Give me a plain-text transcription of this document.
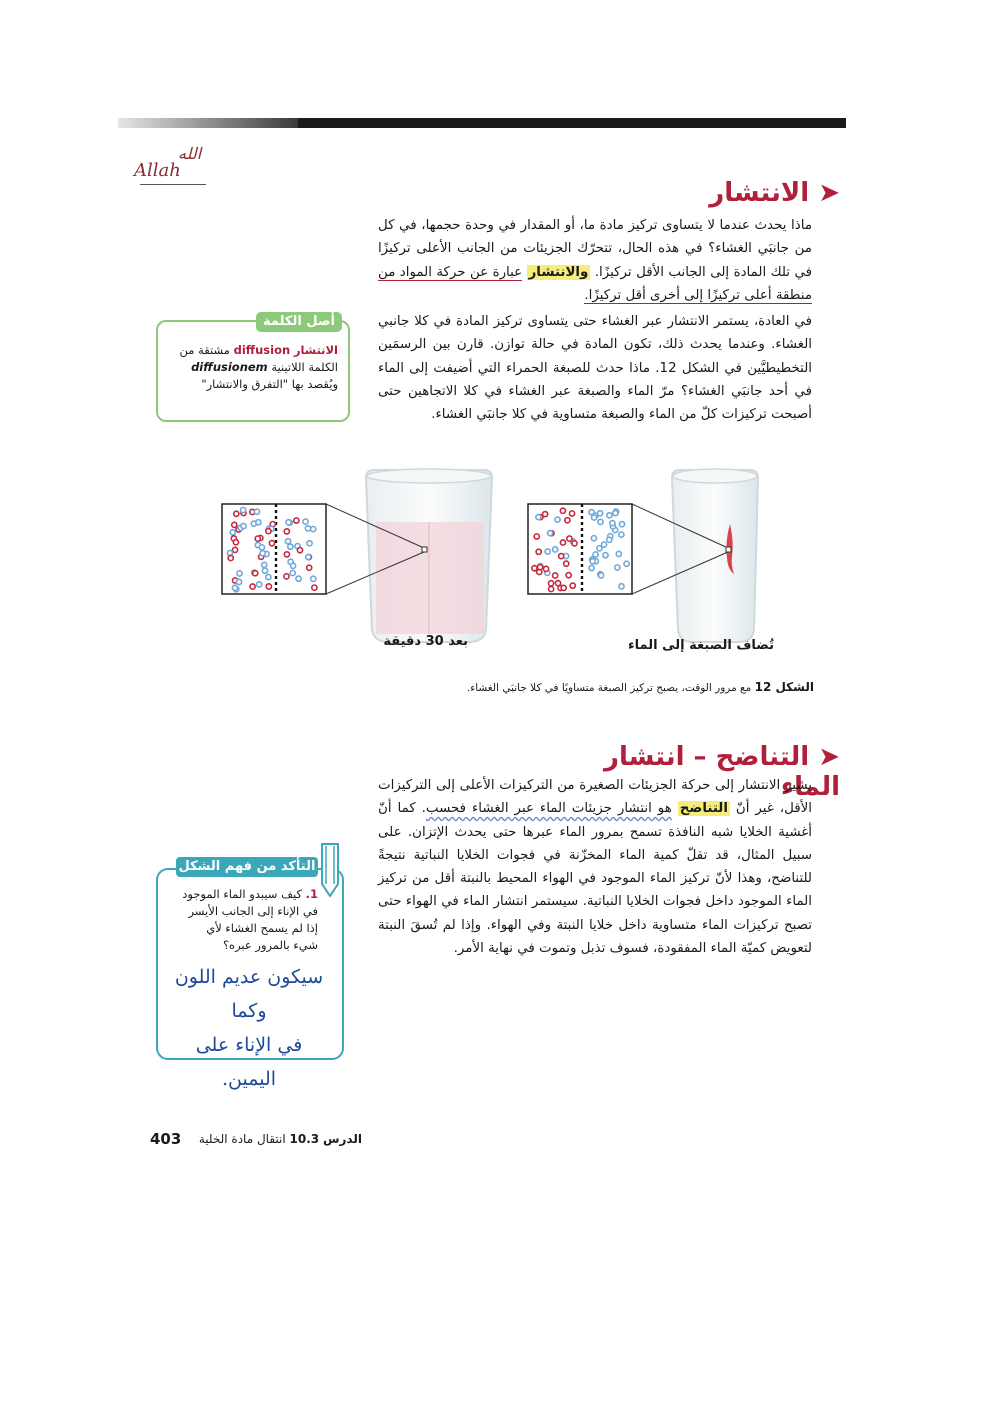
الله
Allah
➤ الانتشار
ماذا يحدث عندما لا يتساوى تركيز مادة ما، أو المقدار في وحدة حجمها، في كل من جانبَي الغشاء؟ في هذه الحال، تتحرّك الجزيئات من الجانب الأعلى تركيزًا في تلك المادة إلى الجانب الأقل تركيزًا. والانتشار عبارة عن حركة المواد من منطقة أعلى تركيزًا إلى أخرى أقل تركيزًا.
في العادة، يستمر الانتشار عبر الغشاء حتى يتساوى تركيز المادة في كلا جانبي الغشاء. وعندما يحدث ذلك، تكون المادة في حالة توازن. قارن بين الرسمَين التخطيطيَّين في الشكل 12. ماذا حدث للصبغة الحمراء التي أضيفت إلى الماء في أحد جانبَي الغشاء؟ مرّ الماء والصبغة عبر الغشاء في كلا الاتجاهين حتى أصبحت تركيزات كلّ من الماء والصبغة متساوية في كلا جانبَي الغشاء.
أصل الكلمة
الانتشار diffusion مشتقة من الكلمة اللاتينية diffusionem ويُقصد بها "التفرق والانتشار"
بعد 30 دقيقة	تُضاف الصبغة إلى الماء
الشكل 12 مع مرور الوقت، يصبح تركيز الصبغة متساويًا في كلا جانبَي الغشاء.
➤ التناضح – انتشار الماء
يشير الانتشار إلى حركة الجزيئات الصغيرة من التركيزات الأعلى إلى التركيزات الأقل، غير أنّ التناضح هو انتشار جزيئات الماء عبر الغشاء فحسب. كما أنّ أغشية الخلايا شبه النافذة تسمح بمرور الماء عبرها حتى يحدث الإتزان. على سبيل المثال، قد تقلّ كمية الماء المخزّنة في فجوات الخلايا النباتية نتيجةً للتناضح، وهذا لأنّ تركيز الماء الموجود في الهواء المحيط بالنبتة أقل من تركيز الماء الموجود داخل فجوات الخلايا النباتية. سيستمر انتشار الماء في الهواء حتى تصبح تركيزات الماء متساوية داخل خلايا النبتة وفي الهواء. وإذا لم تُسقَ النبتة لتعويض كميّة الماء المفقودة، فسوف تذبل وتموت في نهاية الأمر.
التأكد من فهم الشكل
1. كيف سيبدو الماء الموجود في الإناء إلى الجانب الأيسر إذا لم يسمح الغشاء لأي شيء بالمرور عبره؟
سيكون عديم اللون وكما
في الإناء على اليمين.
403	الدرس 10.3 انتقال مادة الخلية
